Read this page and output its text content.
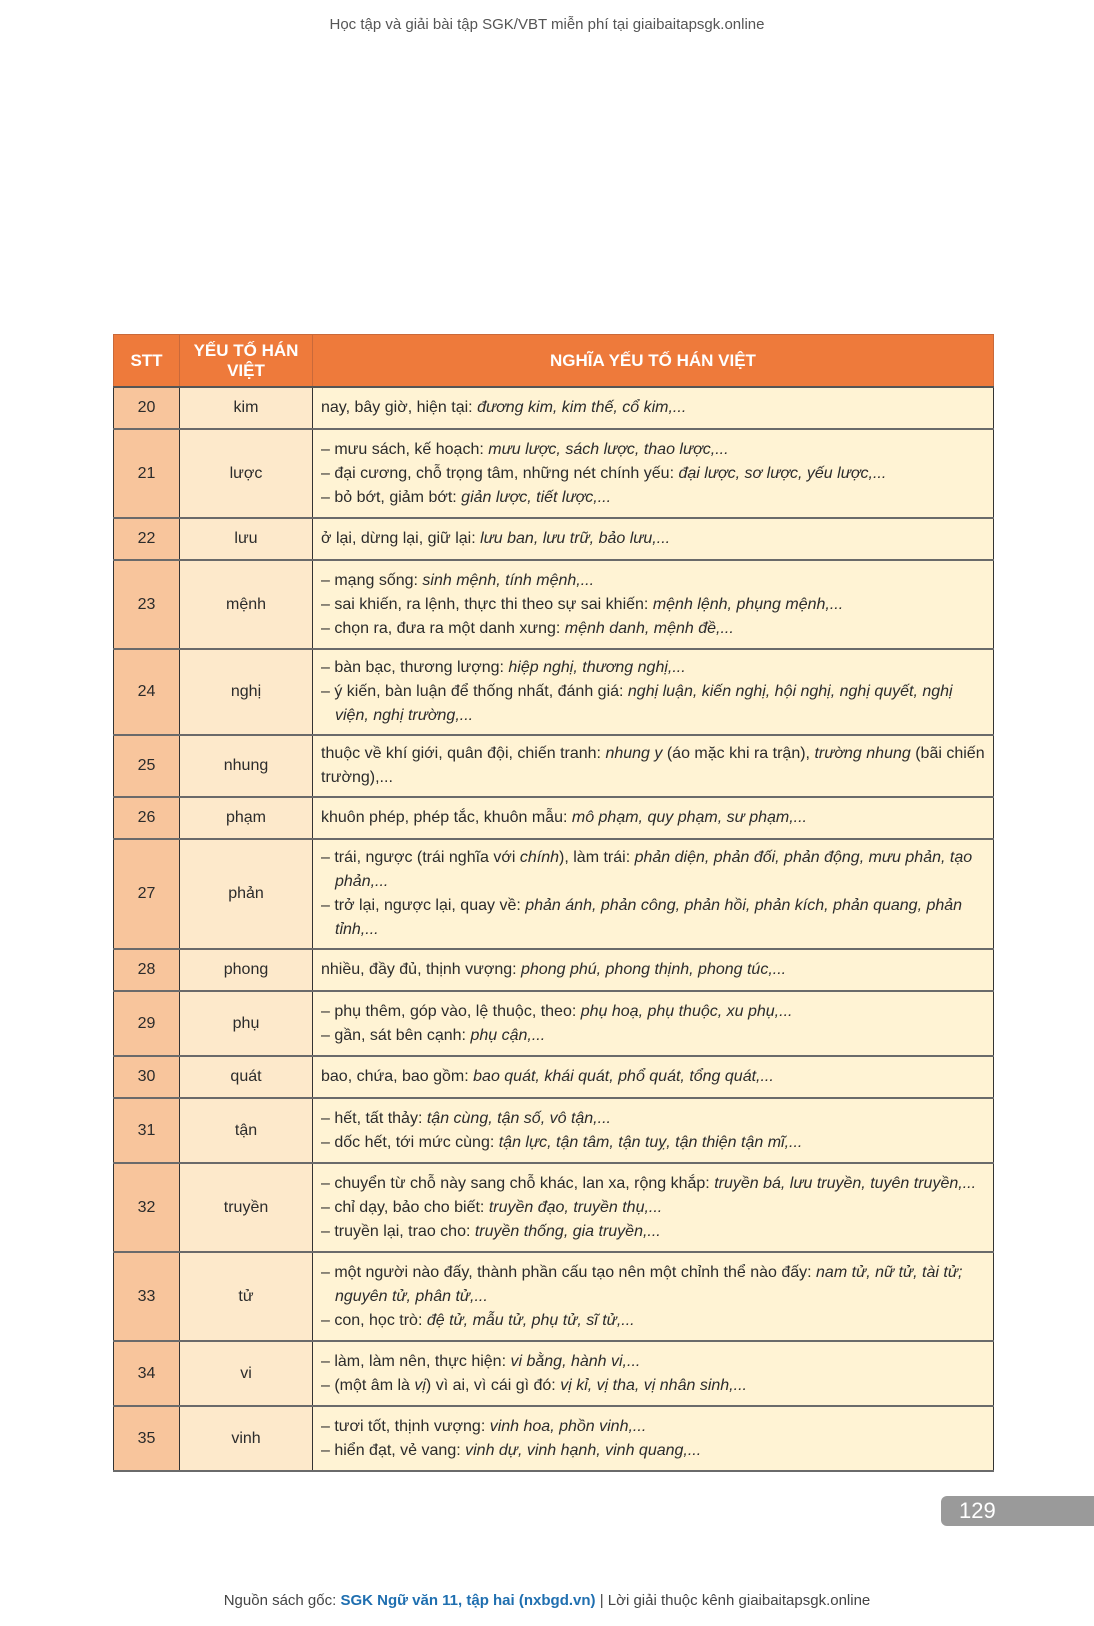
Học tập và giải bài tập SGK/VBT miễn phí tại giaibaitapsgk.online
STT	YẾU TỐ HÁN VIỆT	NGHĨA YẾU TỐ HÁN VIỆT
20	kim	nay, bây giờ, hiện tại: đương kim, kim thế, cổ kim,...

21	lược	– mưu sách, kế hoạch: mưu lược, sách lược, thao lược,...
– đại cương, chỗ trọng tâm, những nét chính yếu: đại lược, sơ lược, yếu lược,...
– bỏ bớt, giảm bớt: giản lược, tiết lược,...

22	lưu	ở lại, dừng lại, giữ lại: lưu ban, lưu trữ, bảo lưu,...

23	mệnh	– mạng sống: sinh mệnh, tính mệnh,...
– sai khiến, ra lệnh, thực thi theo sự sai khiến: mệnh lệnh, phụng mệnh,...
– chọn ra, đưa ra một danh xưng: mệnh danh, mệnh đề,...

24	nghị	– bàn bạc, thương lượng: hiệp nghị, thương nghị,...
– ý kiến, bàn luận để thống nhất, đánh giá: nghị luận, kiến nghị, hội nghị, nghị quyết, nghị viện, nghị trường,...

25	nhung	thuộc về khí giới, quân đội, chiến tranh: nhung y (áo mặc khi ra trận), trường nhung (bãi chiến trường),...

26	phạm	khuôn phép, phép tắc, khuôn mẫu: mô phạm, quy phạm, sư phạm,...

27	phản	– trái, ngược (trái nghĩa với chính), làm trái: phản diện, phản đối, phản động, mưu phản, tạo phản,...
– trở lại, ngược lại, quay về: phản ánh, phản công, phản hồi, phản kích, phản quang, phản tỉnh,...

28	phong	nhiều, đầy đủ, thịnh vượng: phong phú, phong thịnh, phong túc,...

29	phụ	– phụ thêm, góp vào, lệ thuộc, theo: phụ hoạ, phụ thuộc, xu phụ,...
– gần, sát bên cạnh: phụ cận,...

30	quát	bao, chứa, bao gồm: bao quát, khái quát, phổ quát, tổng quát,...

31	tận	– hết, tất thảy: tận cùng, tận số, vô tận,...
– dốc hết, tới mức cùng: tận lực, tận tâm, tận tuỵ, tận thiện tận mĩ,...

32	truyền	– chuyển từ chỗ này sang chỗ khác, lan xa, rộng khắp: truyền bá, lưu truyền, tuyên truyền,...
– chỉ dạy, bảo cho biết: truyền đạo, truyền thụ,...
– truyền lại, trao cho: truyền thống, gia truyền,...

33	tử	– một người nào đấy, thành phần cấu tạo nên một chỉnh thể nào đấy: nam tử, nữ tử, tài tử; nguyên tử, phân tử,...
– con, học trò: đệ tử, mẫu tử, phụ tử, sĩ tử,...

34	vi	– làm, làm nên, thực hiện: vi bằng, hành vi,...
– (một âm là vị) vì ai, vì cái gì đó: vị kỉ, vị tha, vị nhân sinh,...

35	vinh	– tươi tốt, thịnh vượng: vinh hoa, phồn vinh,...
– hiển đạt, vẻ vang: vinh dự, vinh hạnh, vinh quang,...
129
Nguồn sách gốc: SGK Ngữ văn 11, tập hai (nxbgd.vn) | Lời giải thuộc kênh giaibaitapsgk.online
